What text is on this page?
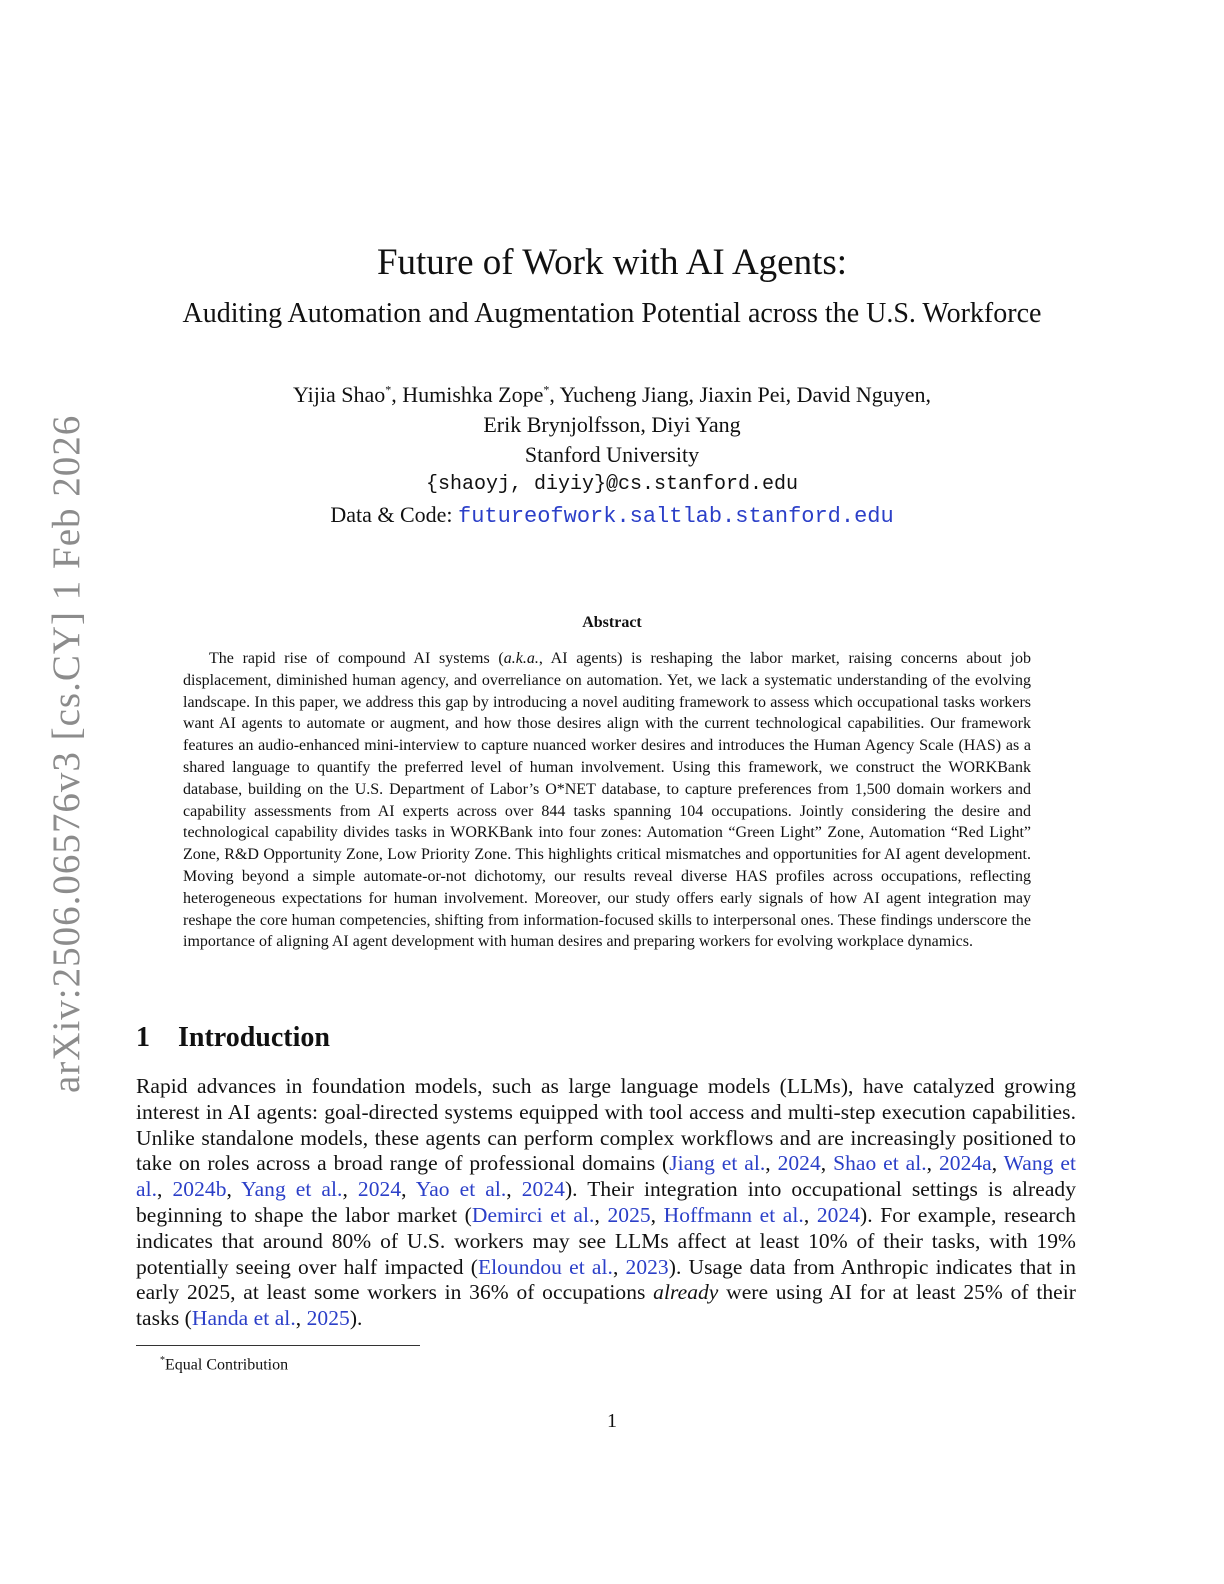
arXiv:2506.06576v3 [cs.CY] 1 Feb 2026
Future of Work with AI Agents:
Auditing Automation and Augmentation Potential across the U.S. Workforce
Yijia Shao*, Humishka Zope*, Yucheng Jiang, Jiaxin Pei, David Nguyen,
Erik Brynjolfsson, Diyi Yang
Stanford University
{shaoyj, diyiy}@cs.stanford.edu
Data & Code: futureofwork.saltlab.stanford.edu
Abstract
The rapid rise of compound AI systems (a.k.a., AI agents) is reshaping the labor market, raising concerns about job displacement, diminished human agency, and overreliance on automation. Yet, we lack a systematic understanding of the evolving landscape. In this paper, we address this gap by introducing a novel auditing framework to assess which occupational tasks workers want AI agents to automate or augment, and how those desires align with the current technological capabilities. Our framework features an audio-enhanced mini-interview to capture nuanced worker desires and introduces the Human Agency Scale (HAS) as a shared language to quantify the preferred level of human involvement. Using this framework, we construct the WORKBank database, building on the U.S. Department of Labor’s O*NET database, to capture preferences from 1,500 domain workers and capability assessments from AI experts across over 844 tasks spanning 104 occupations. Jointly considering the desire and technological capability divides tasks in WORKBank into four zones: Automation “Green Light” Zone, Automation “Red Light” Zone, R&D Opportunity Zone, Low Priority Zone. This highlights critical mismatches and opportunities for AI agent development. Moving beyond a simple automate-or-not dichotomy, our results reveal diverse HAS profiles across occupations, reflecting heterogeneous expectations for human involvement. Moreover, our study offers early signals of how AI agent integration may reshape the core human competencies, shifting from information-focused skills to interpersonal ones. These findings underscore the importance of aligning AI agent development with human desires and preparing workers for evolving workplace dynamics.
1 Introduction
Rapid advances in foundation models, such as large language models (LLMs), have catalyzed growing interest in AI agents: goal-directed systems equipped with tool access and multi-step execution capabilities. Unlike standalone models, these agents can perform complex workflows and are increasingly positioned to take on roles across a broad range of professional domains (Jiang et al., 2024, Shao et al., 2024a, Wang et al., 2024b, Yang et al., 2024, Yao et al., 2024). Their integration into occupational settings is already beginning to shape the labor market (Demirci et al., 2025, Hoffmann et al., 2024). For example, research indicates that around 80% of U.S. workers may see LLMs affect at least 10% of their tasks, with 19% potentially seeing over half impacted (Eloundou et al., 2023). Usage data from Anthropic indicates that in early 2025, at least some workers in 36% of occupations already were using AI for at least 25% of their tasks (Handa et al., 2025).
*Equal Contribution
1
